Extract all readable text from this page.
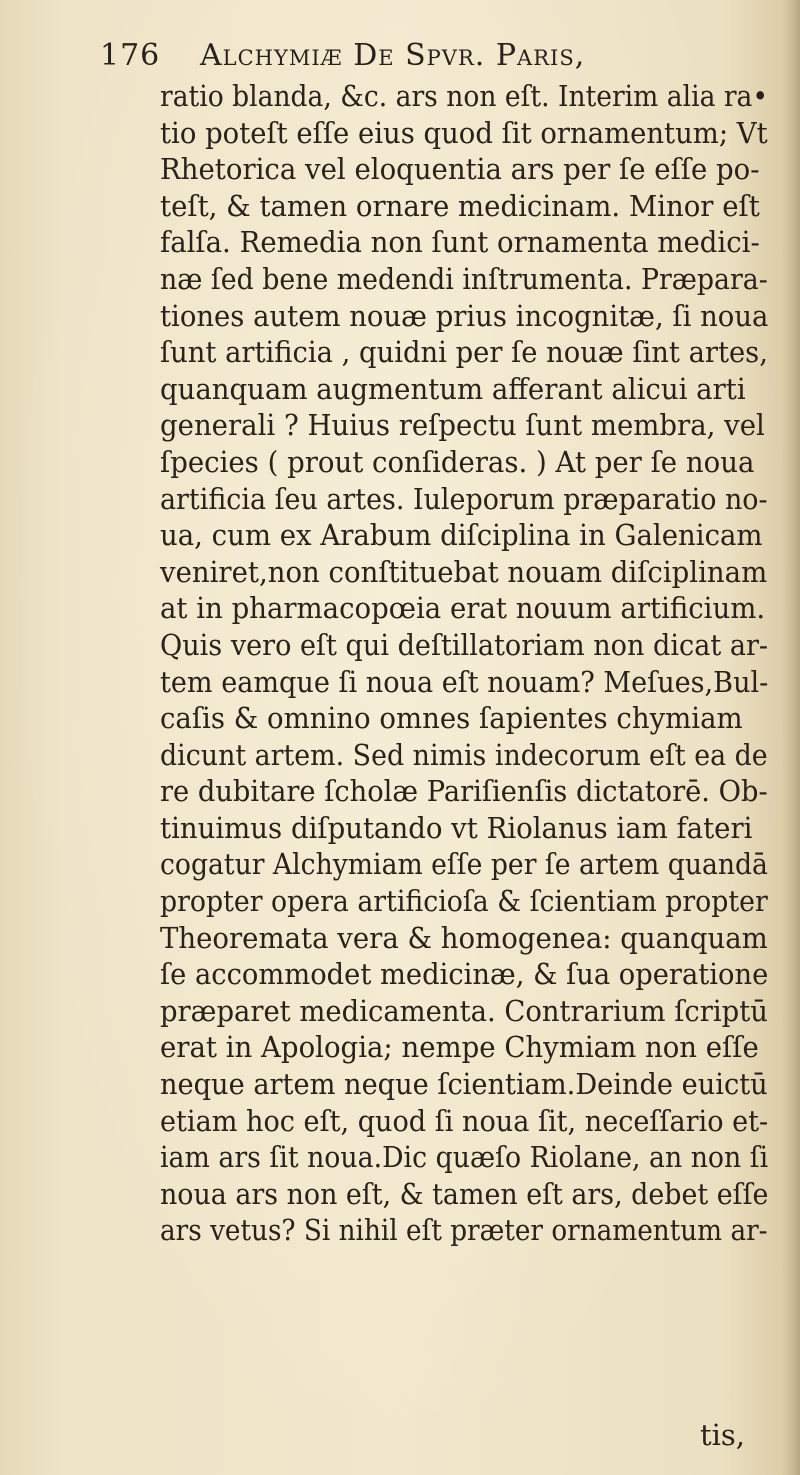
176 Alchymiæ De Spvr. Paris,
ratio blanda, &c. ars non eſt. Interim alia ra•
tio poteſt eſſe eius quod ſit ornamentum; Vt
Rhetorica vel eloquentia ars per ſe eſſe po-
teſt, & tamen ornare medicinam. Minor eſt
falſa. Remedia non ſunt ornamenta medici-
næ ſed bene medendi inſtrumenta. Præpara-
tiones autem nouæ prius incognitæ, ſi noua
ſunt artificia , quidni per ſe nouæ ſint artes,
quanquam augmentum afferant alicui arti
generali ? Huius reſpectu ſunt membra, vel
ſpecies ( prout conſideras. ) At per ſe noua
artificia ſeu artes. Iuleporum præparatio no-
ua, cum ex Arabum diſciplina in Galenicam
veniret,non conſtituebat nouam diſciplinam
at in pharmacopœia erat nouum artificium.
Quis vero eſt qui deſtillatoriam non dicat ar-
tem eamque ſi noua eſt nouam? Meſues,Bul-
caſis & omnino omnes ſapientes chymiam
dicunt artem. Sed nimis indecorum eſt ea de
re dubitare ſcholæ Pariſienſis dictatorē. Ob-
tinuimus diſputando vt Riolanus iam fateri
cogatur Alchymiam eſſe per ſe artem quandā
propter opera artificioſa & ſcientiam propter
Theoremata vera & homogenea: quanquam
ſe accommodet medicinæ, & ſua operatione
præparet medicamenta. Contrarium ſcriptū
erat in Apologia; nempe Chymiam non eſſe
neque artem neque ſcientiam.Deinde euictū
etiam hoc eſt, quod ſi noua ſit, neceſſario et-
iam ars ſit noua.Dic quæſo Riolane, an non ſi
noua ars non eſt, & tamen eſt ars, debet eſſe
ars vetus? Si nihil eſt præter ornamentum ar-
tis,
